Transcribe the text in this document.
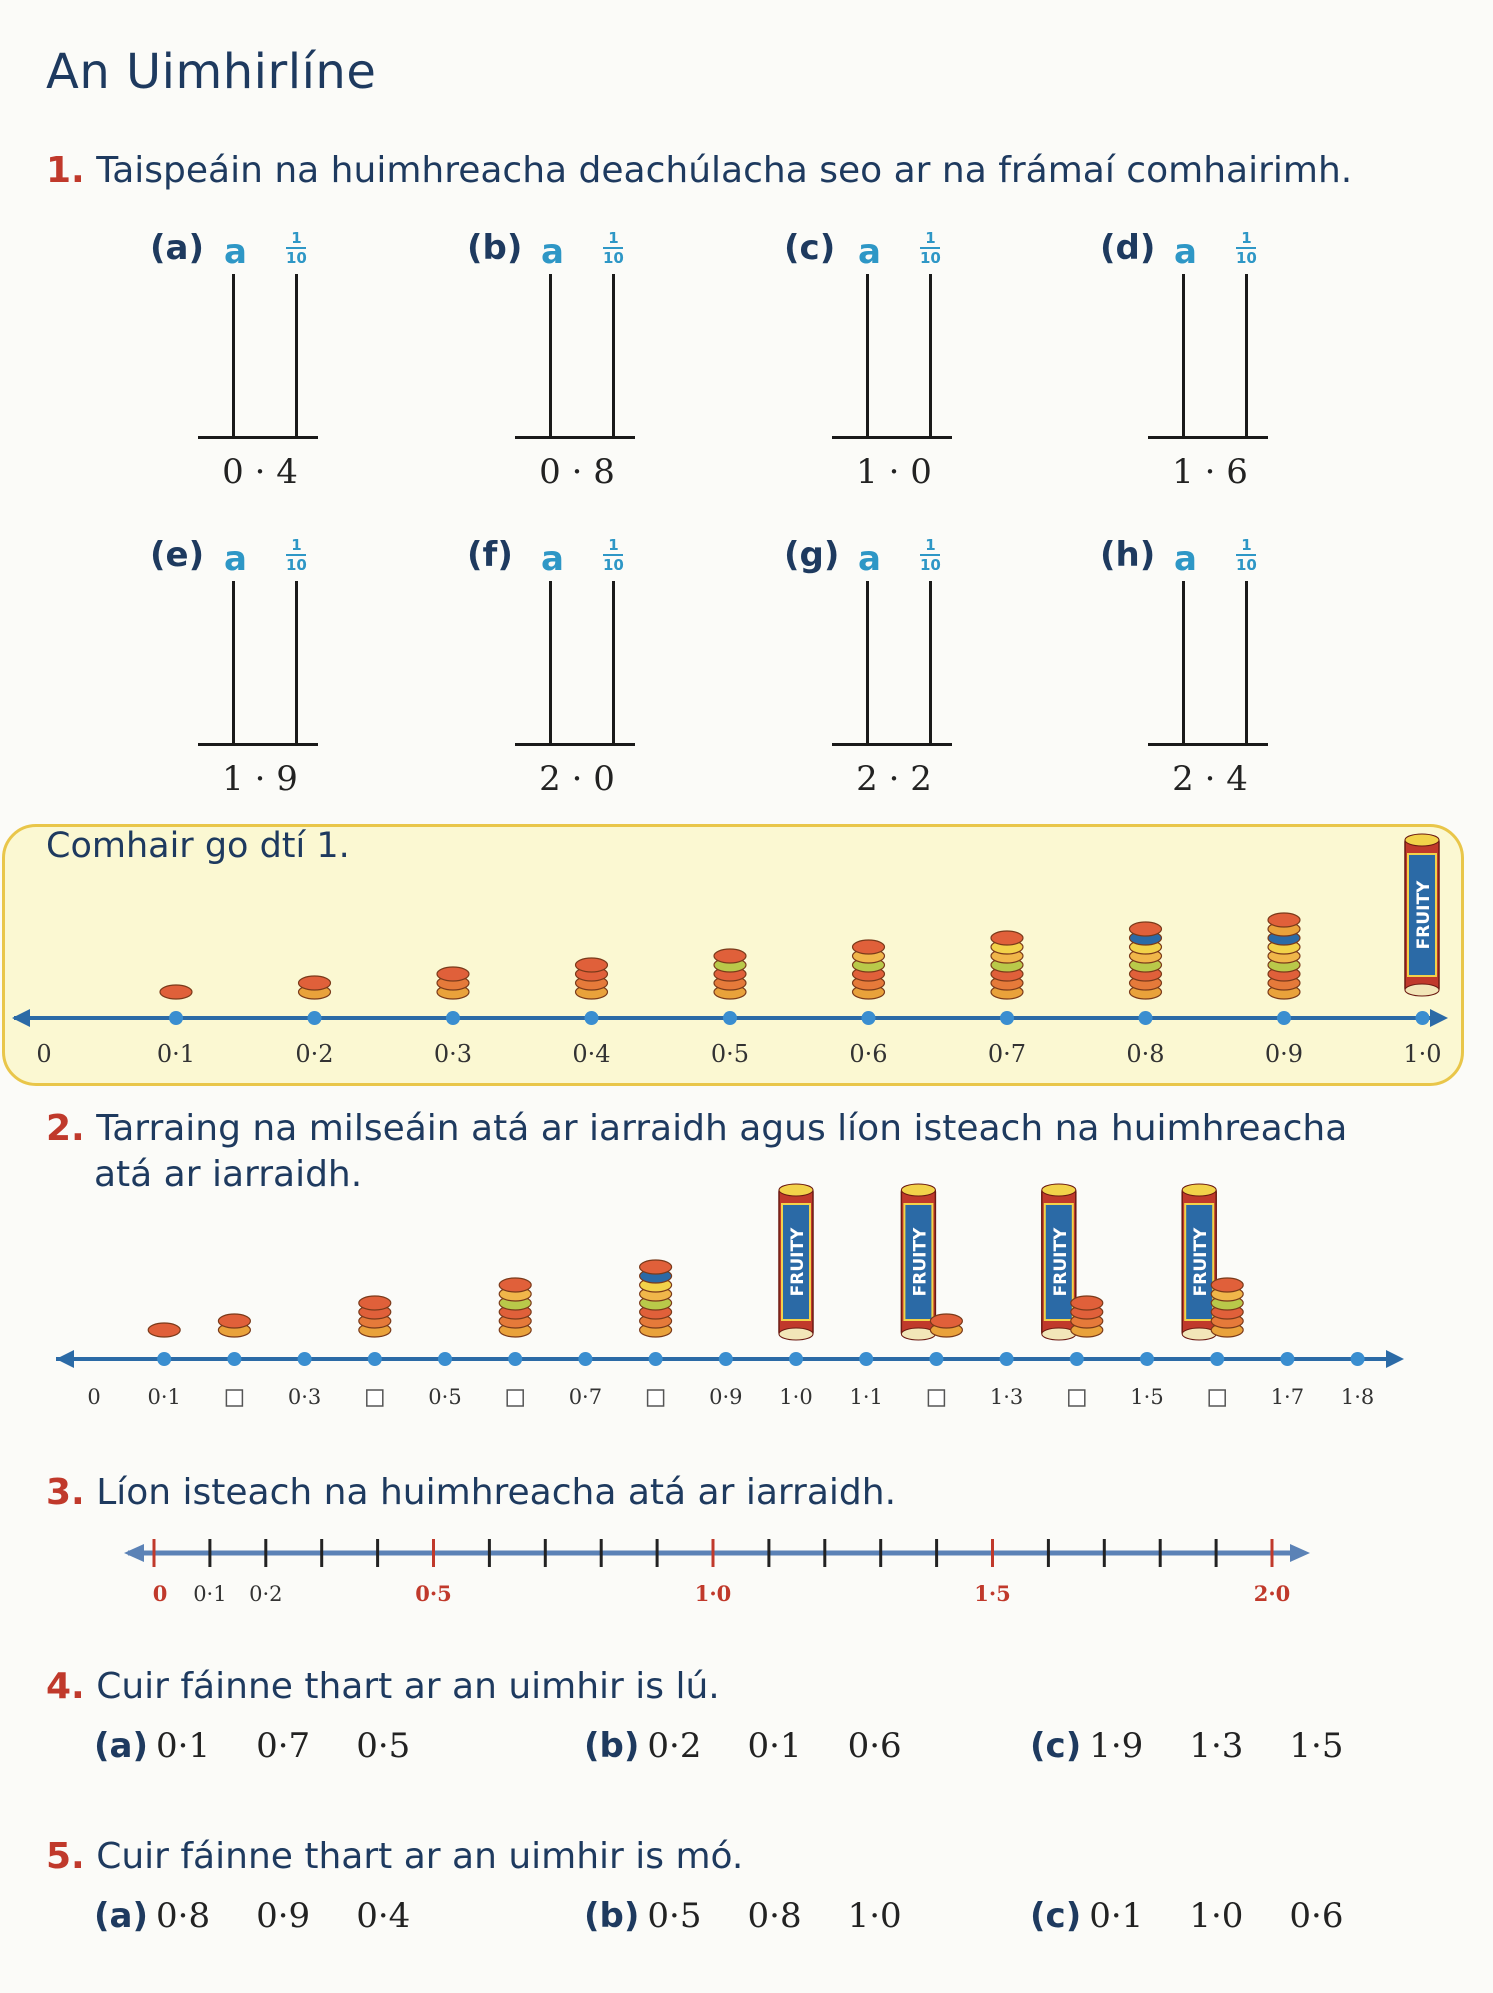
An Uimhirlíne
1. Taispeáin na huimhreacha deachúlacha seo ar na frámaí comhairimh.
(a) a	1
10
0 · 4
(b) a	1
10
0 · 8
(c) a	1
10
1 · 0
(d) a	1
10
1 · 6
(e) a	1
10
1 · 9
(f) a	1
10
2 · 0
(g) a	1
10
2 · 2
(h) a	1
10
2 · 4
Comhair go dtí 1.
2. Tarraing na milseáin atá ar iarraidh agus líon isteach na huimhreacha
atá ar iarraidh.
3. Líon isteach na huimhreacha atá ar iarraidh.
4. Cuir fáinne thart ar an uimhir is lú.
(a) 0·1 0·7 0·5	(b) 0·2 0·1 0·6	(c) 1·9 1·3 1·5
5. Cuir fáinne thart ar an uimhir is mó.
(a) 0·8 0·9 0·4	(b) 0·5 0·8 1·0	(c) 0·1 1·0 0·6
0	0·1	0·2	0·3	0·4	0·5	0·6	0·7	0·8	0·9	1·0
FRUITY
0 0·1	0·3	0·5	0·7	0·9 1·0 1·1	1·3	1·5	1·7 1·8
FRUITY	FRUITY	FRUITY	FRUITY
0 0·1 0·2	0·5	1·0	1·5	2·0
